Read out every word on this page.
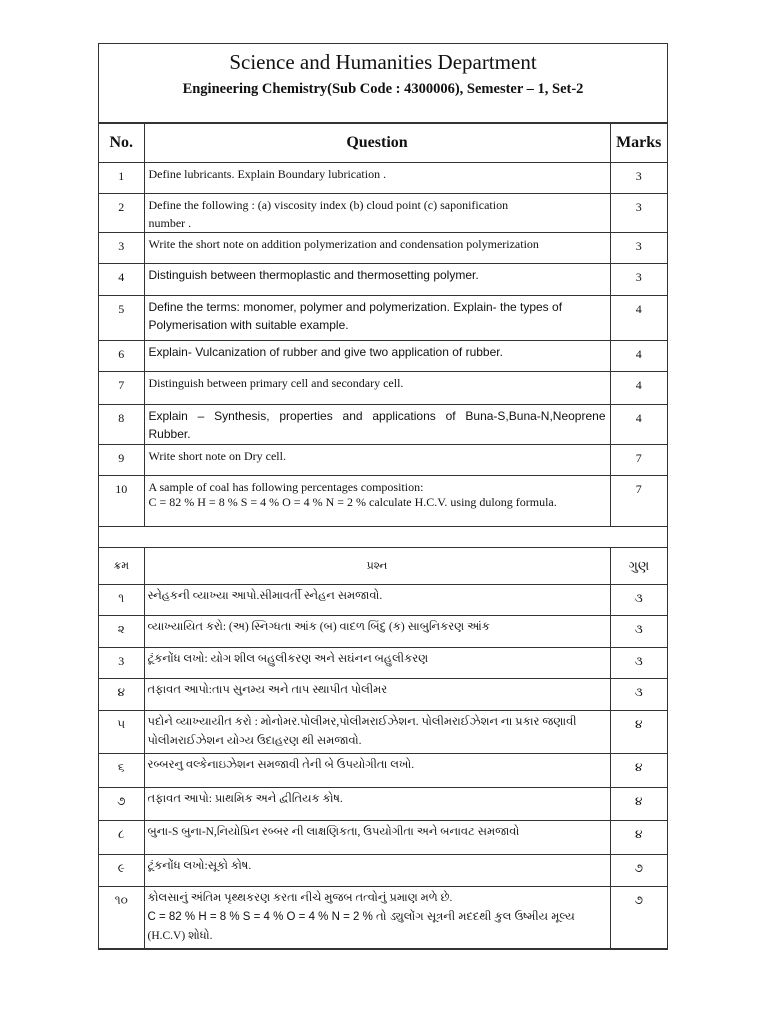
Science and Humanities Department
Engineering Chemistry(Sub Code : 4300006), Semester – 1, Set-2
No.	Question	Marks
1	Define lubricants. Explain Boundary lubrication .	3
2	Define the following : (a) viscosity index (b) cloud point (c) saponification
number .	3
3	Write the short note on addition polymerization and condensation polymerization	3
4	Distinguish between thermoplastic and thermosetting polymer.	3
5	Define the terms: monomer, polymer and polymerization. Explain- the types of
Polymerisation with suitable example.	4
6	Explain- Vulcanization of rubber and give two application of rubber.	4
7	Distinguish between primary cell and secondary cell.	4
8	Explain – Synthesis, properties and applications of Buna-S,Buna-N,Neoprene
Rubber.	4
9	Write short note on Dry cell.	7
10	A sample of coal has following percentages composition:
C = 82 % H = 8 % S = 4 % O = 4 % N = 2 % calculate H.C.V. using dulong formula.	7

ક્રમ	પ્રશ્ન	ગુણ
૧	સ્નેહકની વ્યાખ્યા આપો.સીમાવર્તી સ્નેહન સમજાવો.	૩
૨	વ્યાખ્યાયિત કરો: (અ) સ્નિગ્ધતા આંક (બ) વાદળ બિંદુ (ક) સાબુનિકરણ આંક	૩
3	ટૂંકનોંધ લખો: યોગ શીલ બહુલીકરણ અને સઘંનન બહુલીકરણ	૩
૪	તફાવત આપો:તાપ સુનમ્ય અને તાપ સ્થાપીત પોલીમર	૩
૫	પદોને વ્યાખ્યાયીત કરો : મોનોમર.પોલીમર,પોલીમરાઈઝેશન. પોલીમરાઈઝેશન ના પ્રકાર જણાવી
પોલીમરાઈઝેશન યોગ્ય ઉદાહરણ થી સમજાવો.	૪
૬	રબ્બરનુ વલ્કેનાઇઝેશન સમજાવી તેની બે ઉપયોગીતા લખો.	૪
૭	તફાવત આપો: પ્રાથમિક અને દ્વીતિયક કોષ.	૪
૮	બુના-S બુના-N,નિયોપ્રિન રબ્બર ની લાક્ષણિકતા, ઉપયોગીતા અને બનાવટ સમજાવો	૪
૯	ટૂંકનોંધ લખો:સૂકો કોષ.	૭
૧૦	કોલસાનું અંતિમ પૃથ્થકરણ કરતા નીચે મુજબ તત્વોનું પ્રમાણ મળે છે.
C = 82 % H = 8 % S = 4 % O = 4 % N = 2 % તો ડ્યુલોંગ સૂત્રની મદદથી કુલ ઉષ્મીય મૂલ્ય
(H.C.V) શોધો.	૭
